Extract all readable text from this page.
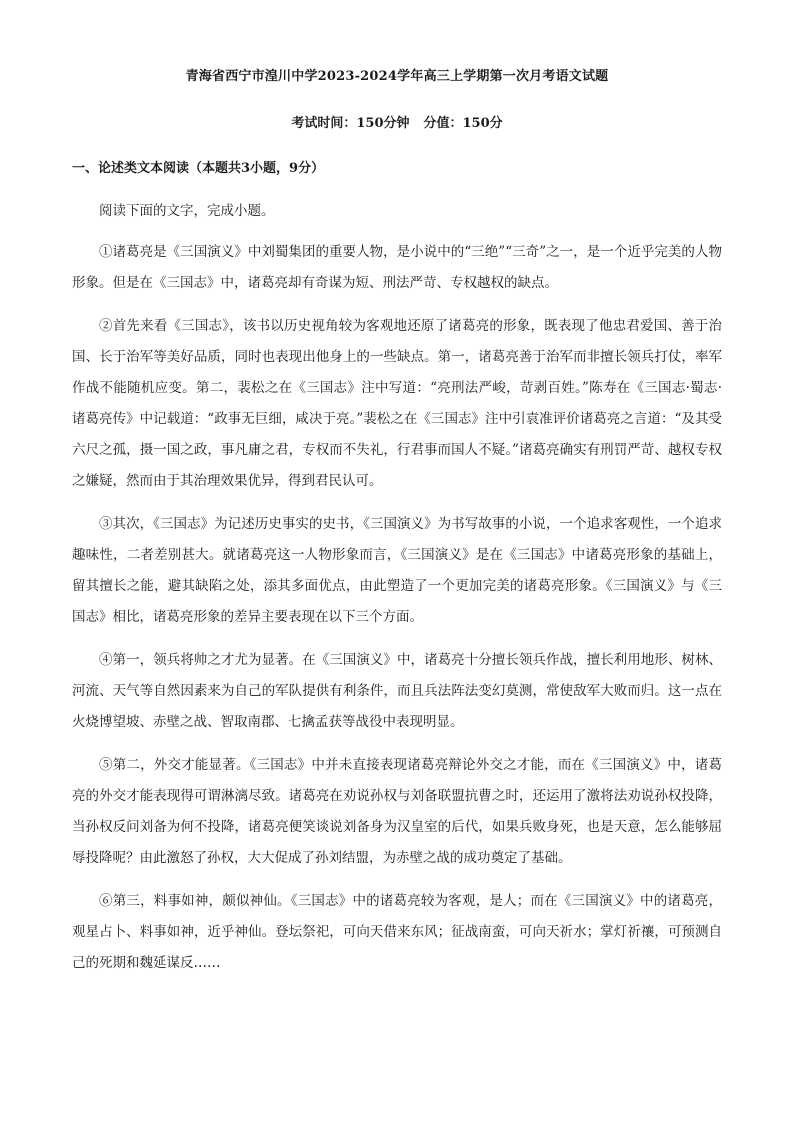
青海省西宁市湟川中学2023-2024学年高三上学期第一次月考语文试题
考试时间：150分钟 分值：150分
一、论述类文本阅读（本题共3小题，9分）

阅读下面的文字，完成小题。

①诸葛亮是《三国演义》中刘蜀集团的重要人物，是小说中的“三绝”“三奇”之一，是一个近乎完美的人物形象。但是在《三国志》中，诸葛亮却有奇谋为短、刑法严苛、专权越权的缺点。

②首先来看《三国志》，该书以历史视角较为客观地还原了诸葛亮的形象，既表现了他忠君爱国、善于治国、长于治军等美好品质，同时也表现出他身上的一些缺点。第一，诸葛亮善于治军而非擅长领兵打仗，率军作战不能随机应变。第二，裴松之在《三国志》注中写道：“亮刑法严峻，苛剥百姓。”陈寿在《三国志·蜀志·诸葛亮传》中记载道：“政事无巨细，咸决于亮。”裴松之在《三国志》注中引袁准评价诸葛亮之言道：“及其受六尺之孤，摄一国之政，事凡庸之君，专权而不失礼，行君事而国人不疑。”诸葛亮确实有刑罚严苛、越权专权之嫌疑，然而由于其治理效果优异，得到君民认可。

③其次，《三国志》为记述历史事实的史书，《三国演义》为书写故事的小说，一个追求客观性，一个追求趣味性，二者差别甚大。就诸葛亮这一人物形象而言，《三国演义》是在《三国志》中诸葛亮形象的基础上，留其擅长之能，避其缺陷之处，添其多面优点，由此塑造了一个更加完美的诸葛亮形象。《三国演义》与《三国志》相比，诸葛亮形象的差异主要表现在以下三个方面。

④第一，领兵将帅之才尤为显著。在《三国演义》中，诸葛亮十分擅长领兵作战，擅长利用地形、树林、河流、天气等自然因素来为自己的军队提供有利条件，而且兵法阵法变幻莫测，常使敌军大败而归。这一点在火烧博望坡、赤壁之战、智取南郡、七擒孟获等战役中表现明显。

⑤第二，外交才能显著。《三国志》中并未直接表现诸葛亮辩论外交之才能，而在《三国演义》中，诸葛亮的外交才能表现得可谓淋漓尽致。诸葛亮在劝说孙权与刘备联盟抗曹之时，还运用了激将法劝说孙权投降，当孙权反问刘备为何不投降，诸葛亮便笑谈说刘备身为汉皇室的后代，如果兵败身死，也是天意，怎么能够屈辱投降呢？由此激怒了孙权，大大促成了孙刘结盟，为赤壁之战的成功奠定了基础。

⑥第三，料事如神，颇似神仙。《三国志》中的诸葛亮较为客观，是人；而在《三国演义》中的诸葛亮，观星占卜、料事如神，近乎神仙。登坛祭祀，可向天借来东风；征战南蛮，可向天祈水；掌灯祈禳，可预测自己的死期和魏延谋反……
